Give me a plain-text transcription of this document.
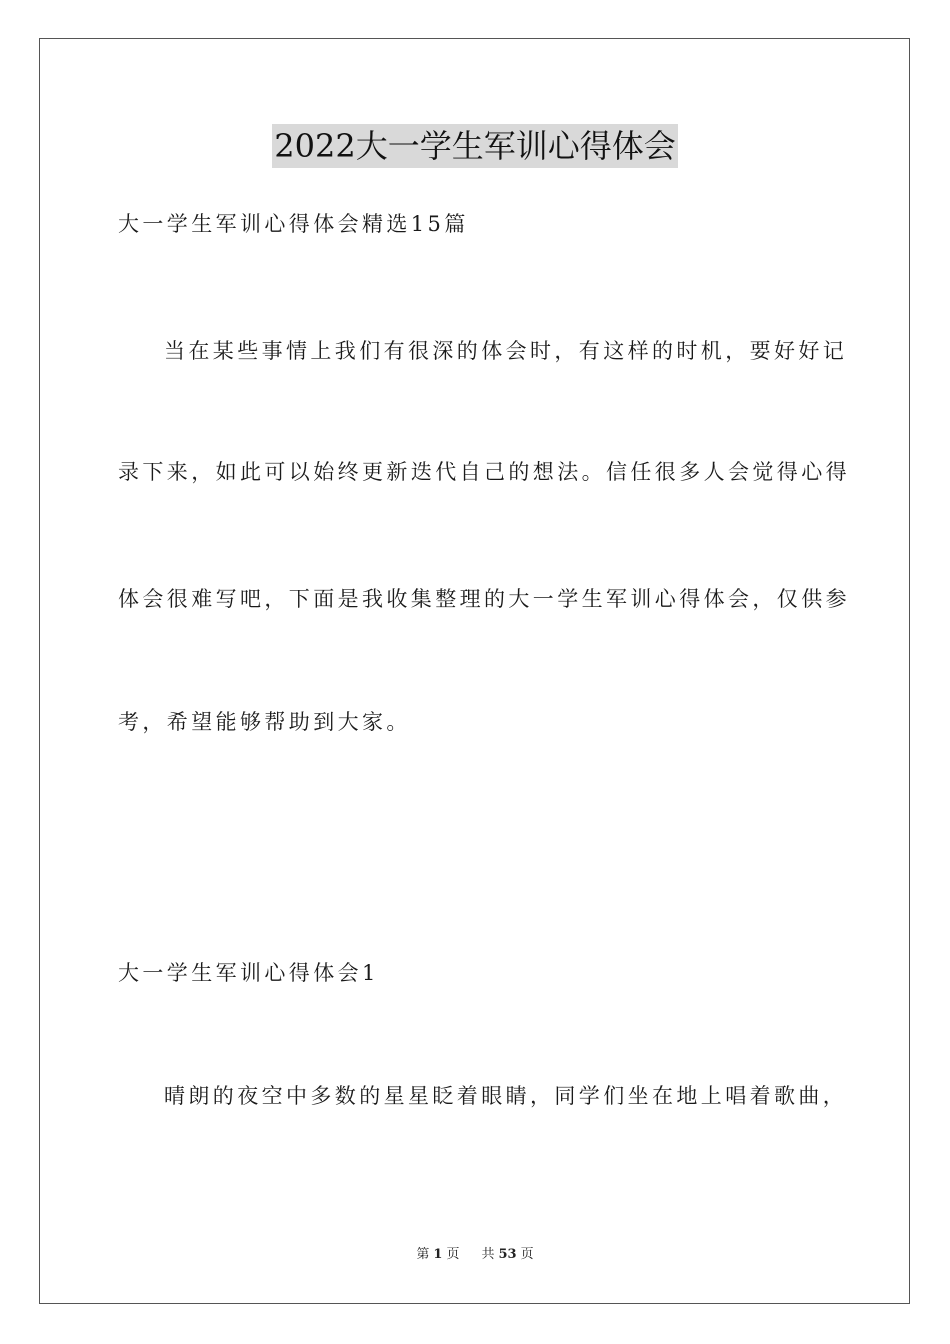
2022大一学生军训心得体会
大一学生军训心得体会精选15篇
当在某些事情上我们有很深的体会时，有这样的时机，要好好记
录下来，如此可以始终更新迭代自己的想法。信任很多人会觉得心得
体会很难写吧，下面是我收集整理的大一学生军训心得体会，仅供参
考，希望能够帮助到大家。
大一学生军训心得体会1
晴朗的夜空中多数的星星眨着眼睛，同学们坐在地上唱着歌曲，
第 1 页 共 53 页
